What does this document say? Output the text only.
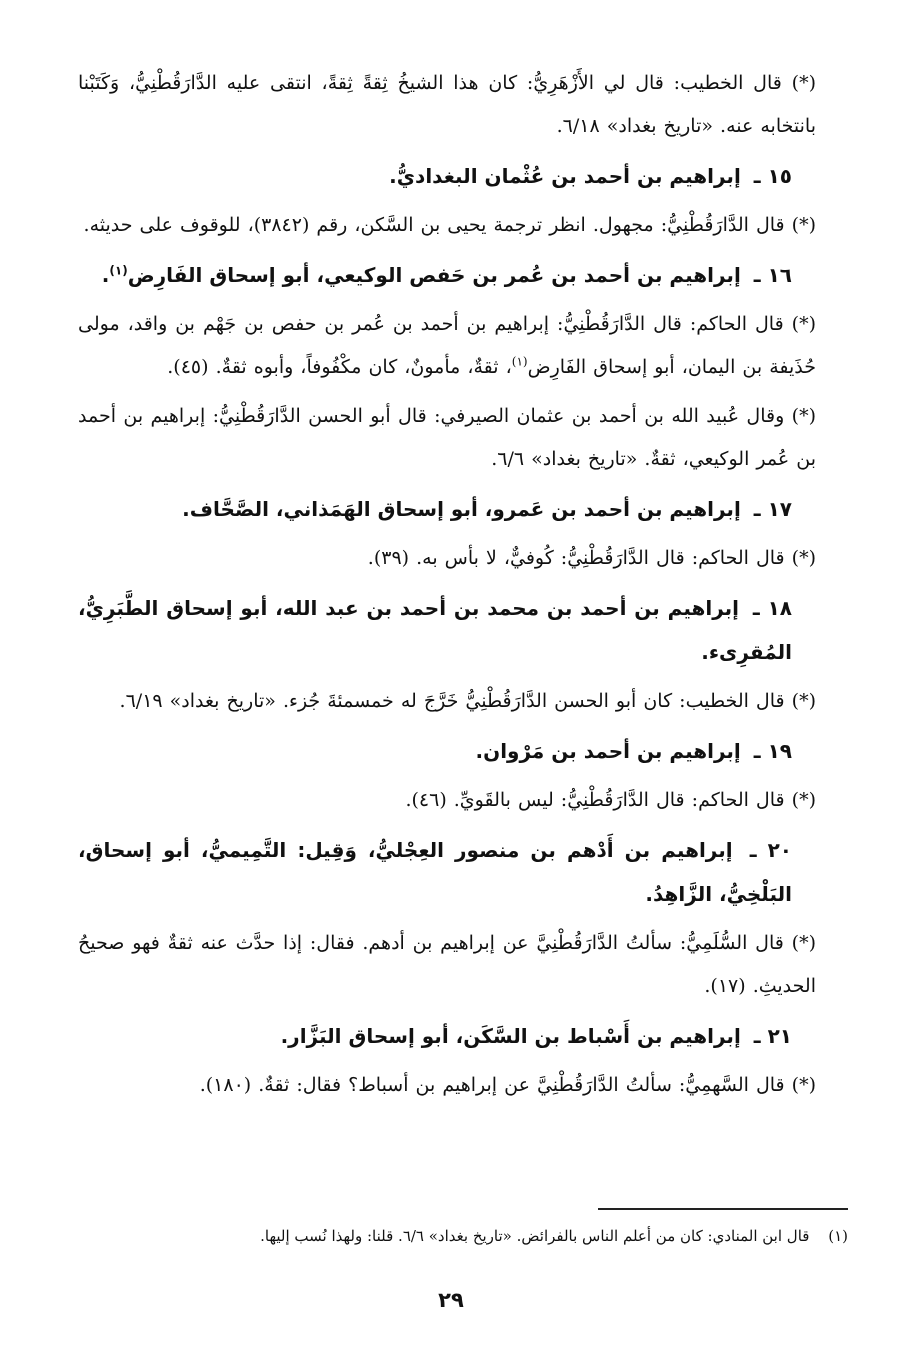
(*) قال الخطيب: قال لي الأَزْهَرِيُّ: كان هذا الشيخُ ثِقةً ثِقةً، انتقى عليه الدَّارَقُطْنِيُّ، وَكَتَبْنا بانتخابه عنه. «تاريخ بغداد» ٦/١٨.

١٥ ـ إبراهيم بن أحمد بن عُثْمان البغداديُّ.

(*) قال الدَّارَقُطْنِيُّ: مجهول. انظر ترجمة يحيى بن السَّكن، رقم (٣٨٤٢)، للوقوف على حديثه.

١٦ ـ إبراهيم بن أحمد بن عُمر بن حَفص الوكيعي، أبو إسحاق الفَارِض$^{(١)}$.

(*) قال الحاكم: قال الدَّارَقُطْنِيُّ: إبراهيم بن أحمد بن عُمر بن حفص بن جَهْم بن واقد، مولى حُذَيفة بن اليمان، أبو إسحاق الفَارِض$^{(١)}$، ثقةٌ، مأمونٌ، كان مكْفُوفاً، وأبوه ثقةٌ. (٤٥).

(*) وقال عُبيد الله بن أحمد بن عثمان الصيرفي: قال أبو الحسن الدَّارَقُطْنِيُّ: إبراهيم بن أحمد بن عُمر الوكيعي، ثقةٌ. «تاريخ بغداد» ٦/٦.

١٧ ـ إبراهيم بن أحمد بن عَمرو، أبو إسحاق الهَمَذاني، الصَّحَّاف.

(*) قال الحاكم: قال الدَّارَقُطْنِيُّ: كُوفيٌّ، لا بأس به. (٣٩).

١٨ ـ إبراهيم بن أحمد بن محمد بن أحمد بن عبد الله، أبو إسحاق الطَّبَرِيُّ، المُقرِىء.

(*) قال الخطيب: كان أبو الحسن الدَّارَقُطْنِيُّ خَرَّجَ له خمسمئةَ جُزء. «تاريخ بغداد» ٦/١٩.

١٩ ـ إبراهيم بن أحمد بن مَرْوان.

(*) قال الحاكم: قال الدَّارَقُطْنِيُّ: ليس بالقَويِّ. (٤٦).

٢٠ ـ إبراهيم بن أَدْهم بن منصور العِجْليُّ، وَقِيل: التَّمِيميُّ، أبو إسحاق، البَلْخِيُّ، الزَّاهِدُ.

(*) قال السُّلَمِيُّ: سألتُ الدَّارَقُطْنِيَّ عن إبراهيم بن أدهم. فقال: إذا حدَّث عنه ثقةٌ فهو صحيحُ الحديثِ. (١٧).

٢١ ـ إبراهيم بن أَسْباط بن السَّكَن، أبو إسحاق البَزَّار.

(*) قال السَّهمِيُّ: سألتُ الدَّارَقُطْنِيَّ عن إبراهيم بن أسباط؟ فقال: ثقةٌ. (١٨٠).

(١) قال ابن المنادي: كان من أعلم الناس بالفرائض. «تاريخ بغداد» ٦/٦. قلنا: ولهذا نُسب إليها.
٢٩
